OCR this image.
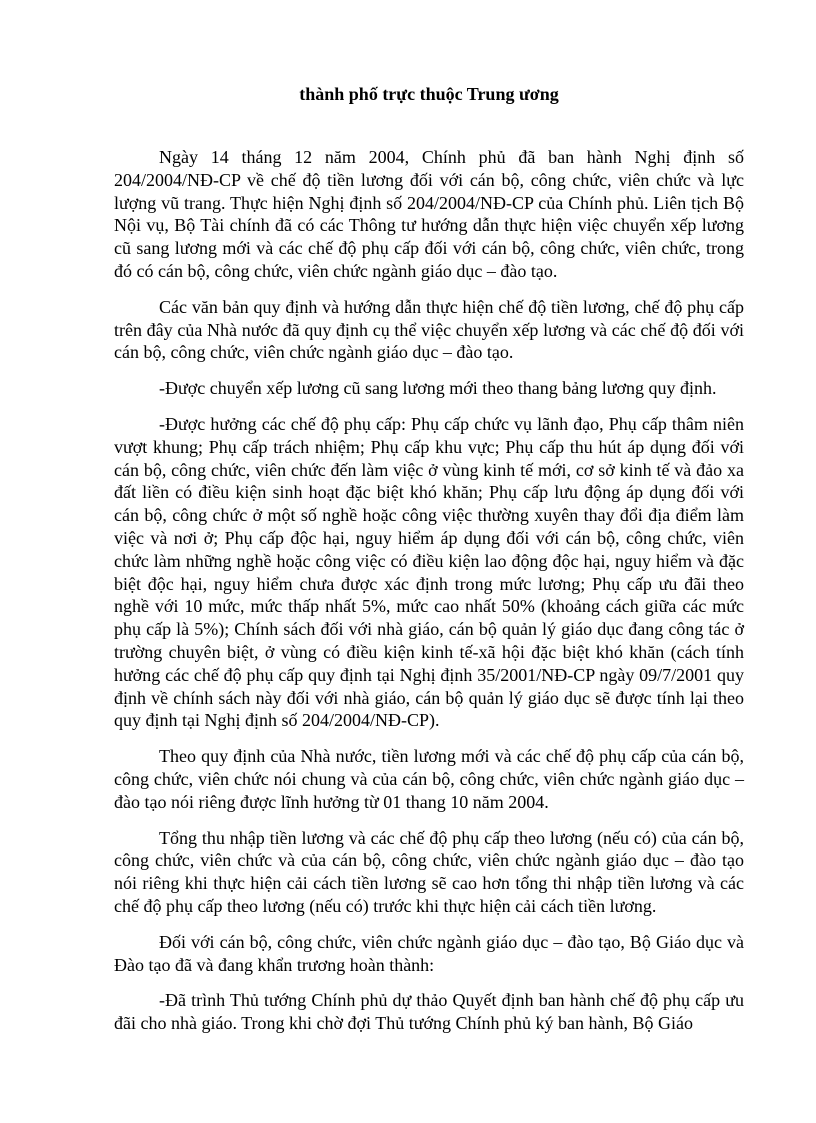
thành phố trực thuộc Trung ương

Ngày 14 tháng 12 năm 2004, Chính phủ đã ban hành Nghị định số 204/2004/NĐ-CP về chế độ tiền lương đối với cán bộ, công chức, viên chức và lực lượng vũ trang. Thực hiện Nghị định số 204/2004/NĐ-CP của Chính phủ. Liên tịch Bộ Nội vụ, Bộ Tài chính đã có các Thông tư hướng dẫn thực hiện việc chuyển xếp lương cũ sang lương mới và các chế độ phụ cấp đối với cán bộ, công chức, viên chức, trong đó có cán bộ, công chức, viên chức ngành giáo dục – đào tạo.

Các văn bản quy định và hướng dẫn thực hiện chế độ tiền lương, chế độ phụ cấp trên đây của Nhà nước đã quy định cụ thể việc chuyển xếp lương và các chế độ đối với cán bộ, công chức, viên chức ngành giáo dục – đào tạo.

-Được chuyển xếp lương cũ sang lương mới theo thang bảng lương quy định.

-Được hưởng các chế độ phụ cấp: Phụ cấp chức vụ lãnh đạo, Phụ cấp thâm niên vượt khung; Phụ cấp trách nhiệm; Phụ cấp khu vực; Phụ cấp thu hút áp dụng đối với cán bộ, công chức, viên chức đến làm việc ở vùng kinh tế mới, cơ sở kinh tế và đảo xa đất liền có điều kiện sinh hoạt đặc biệt khó khăn; Phụ cấp lưu động áp dụng đối với cán bộ, công chức ở một số nghề hoặc công việc thường xuyên thay đổi địa điểm làm việc và nơi ở; Phụ cấp độc hại, nguy hiểm áp dụng đối với cán bộ, công chức, viên chức làm những nghề hoặc công việc có điều kiện lao động độc hại, nguy hiểm và đặc biệt độc hại, nguy hiểm chưa được xác định trong mức lương; Phụ cấp ưu đãi theo nghề với 10 mức, mức thấp nhất 5%, mức cao nhất 50% (khoảng cách giữa các mức phụ cấp là 5%); Chính sách đối với nhà giáo, cán bộ quản lý giáo dục đang công tác ở trường chuyên biệt, ở vùng có điều kiện kinh tế-xã hội đặc biệt khó khăn (cách tính hưởng các chế độ phụ cấp quy định tại Nghị định 35/2001/NĐ-CP ngày 09/7/2001 quy định về chính sách này đối với nhà giáo, cán bộ quản lý giáo dục sẽ được tính lại theo quy định tại Nghị định số 204/2004/NĐ-CP).

Theo quy định của Nhà nước, tiền lương mới và các chế độ phụ cấp của cán bộ, công chức, viên chức nói chung và của cán bộ, công chức, viên chức ngành giáo dục – đào tạo nói riêng được lĩnh hưởng từ 01 thang 10 năm 2004.

Tổng thu nhập tiền lương và các chế độ phụ cấp theo lương (nếu có) của cán bộ, công chức, viên chức và của cán bộ, công chức, viên chức ngành giáo dục – đào tạo nói riêng khi thực hiện cải cách tiền lương sẽ cao hơn tổng thi nhập tiền lương và các chế độ phụ cấp theo lương (nếu có) trước khi thực hiện cải cách tiền lương.

Đối với cán bộ, công chức, viên chức ngành giáo dục – đào tạo, Bộ Giáo dục và Đào tạo đã và đang khẩn trương hoàn thành:

-Đã trình Thủ tướng Chính phủ dự thảo Quyết định ban hành chế độ phụ cấp ưu đãi cho nhà giáo. Trong khi chờ đợi Thủ tướng Chính phủ ký ban hành, Bộ Giáo
